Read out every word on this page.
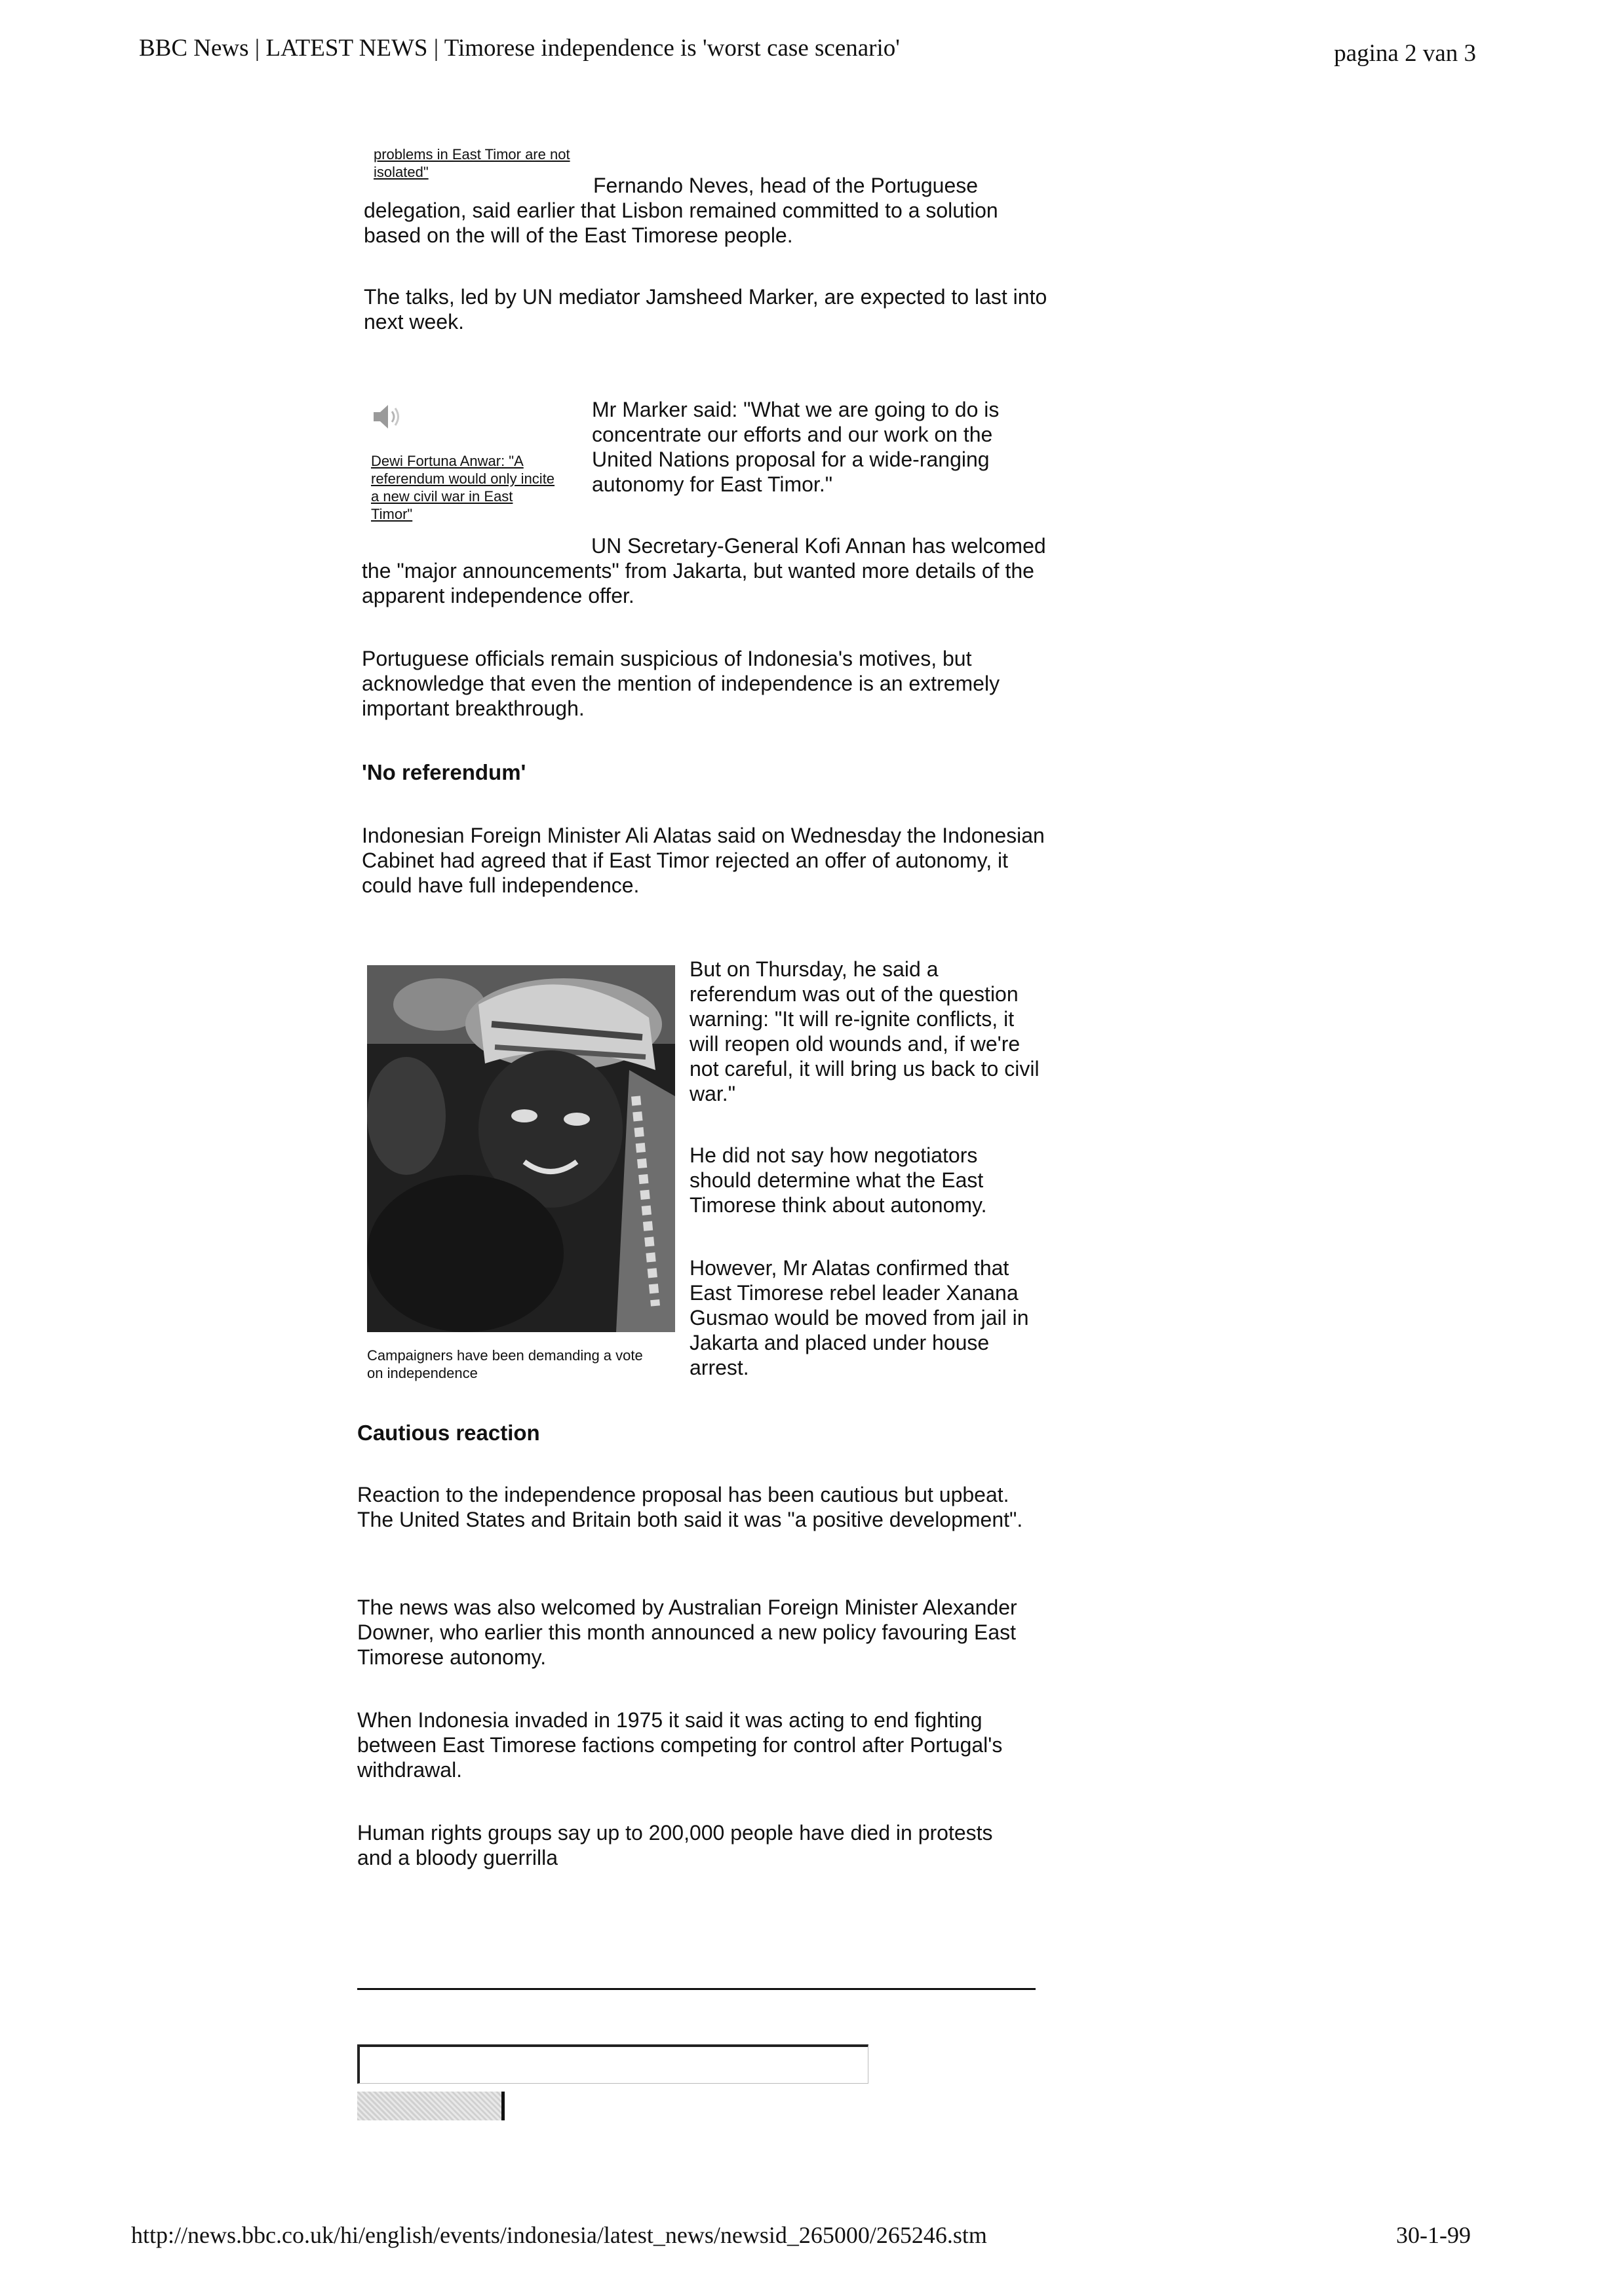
BBC News | LATEST NEWS | Timorese independence is 'worst case scenario'	pagina 2 van 3
problems in East Timor are not isolated"

Fernando Neves, head of the Portuguese delegation, said earlier that Lisbon remained committed to a solution based on the will of the East Timorese people.

The talks, led by UN mediator Jamsheed Marker, are expected to last into next week.

Dewi Fortuna Anwar: "A referendum would only incite a new civil war in East Timor"

Mr Marker said: "What we are going to do is concentrate our efforts and our work on the United Nations proposal for a wide-ranging autonomy for East Timor."

UN Secretary-General Kofi Annan has welcomed the "major announcements" from Jakarta, but wanted more details of the apparent independence offer.

Portuguese officials remain suspicious of Indonesia's motives, but acknowledge that even the mention of independence is an extremely important breakthrough.

'No referendum'

Indonesian Foreign Minister Ali Alatas said on Wednesday the Indonesian Cabinet had agreed that if East Timor rejected an offer of autonomy, it could have full independence.

Campaigners have been demanding a vote on independence

But on Thursday, he said a referendum was out of the question warning: "It will re-ignite conflicts, it will reopen old wounds and, if we're not careful, it will bring us back to civil war."

He did not say how negotiators should determine what the East Timorese think about autonomy.

However, Mr Alatas confirmed that East Timorese rebel leader Xanana Gusmao would be moved from jail in Jakarta and placed under house arrest.

Cautious reaction

Reaction to the independence proposal has been cautious but upbeat. The United States and Britain both said it was "a positive development".

The news was also welcomed by Australian Foreign Minister Alexander Downer, who earlier this month announced a new policy favouring East Timorese autonomy.

When Indonesia invaded in 1975 it said it was acting to end fighting between East Timorese factions competing for control after Portugal's withdrawal.

Human rights groups say up to 200,000 people have died in protests and a bloody guerrilla

http://news.bbc.co.uk/hi/english/events/indonesia/latest_news/newsid_265000/265246.stm	30-1-99
